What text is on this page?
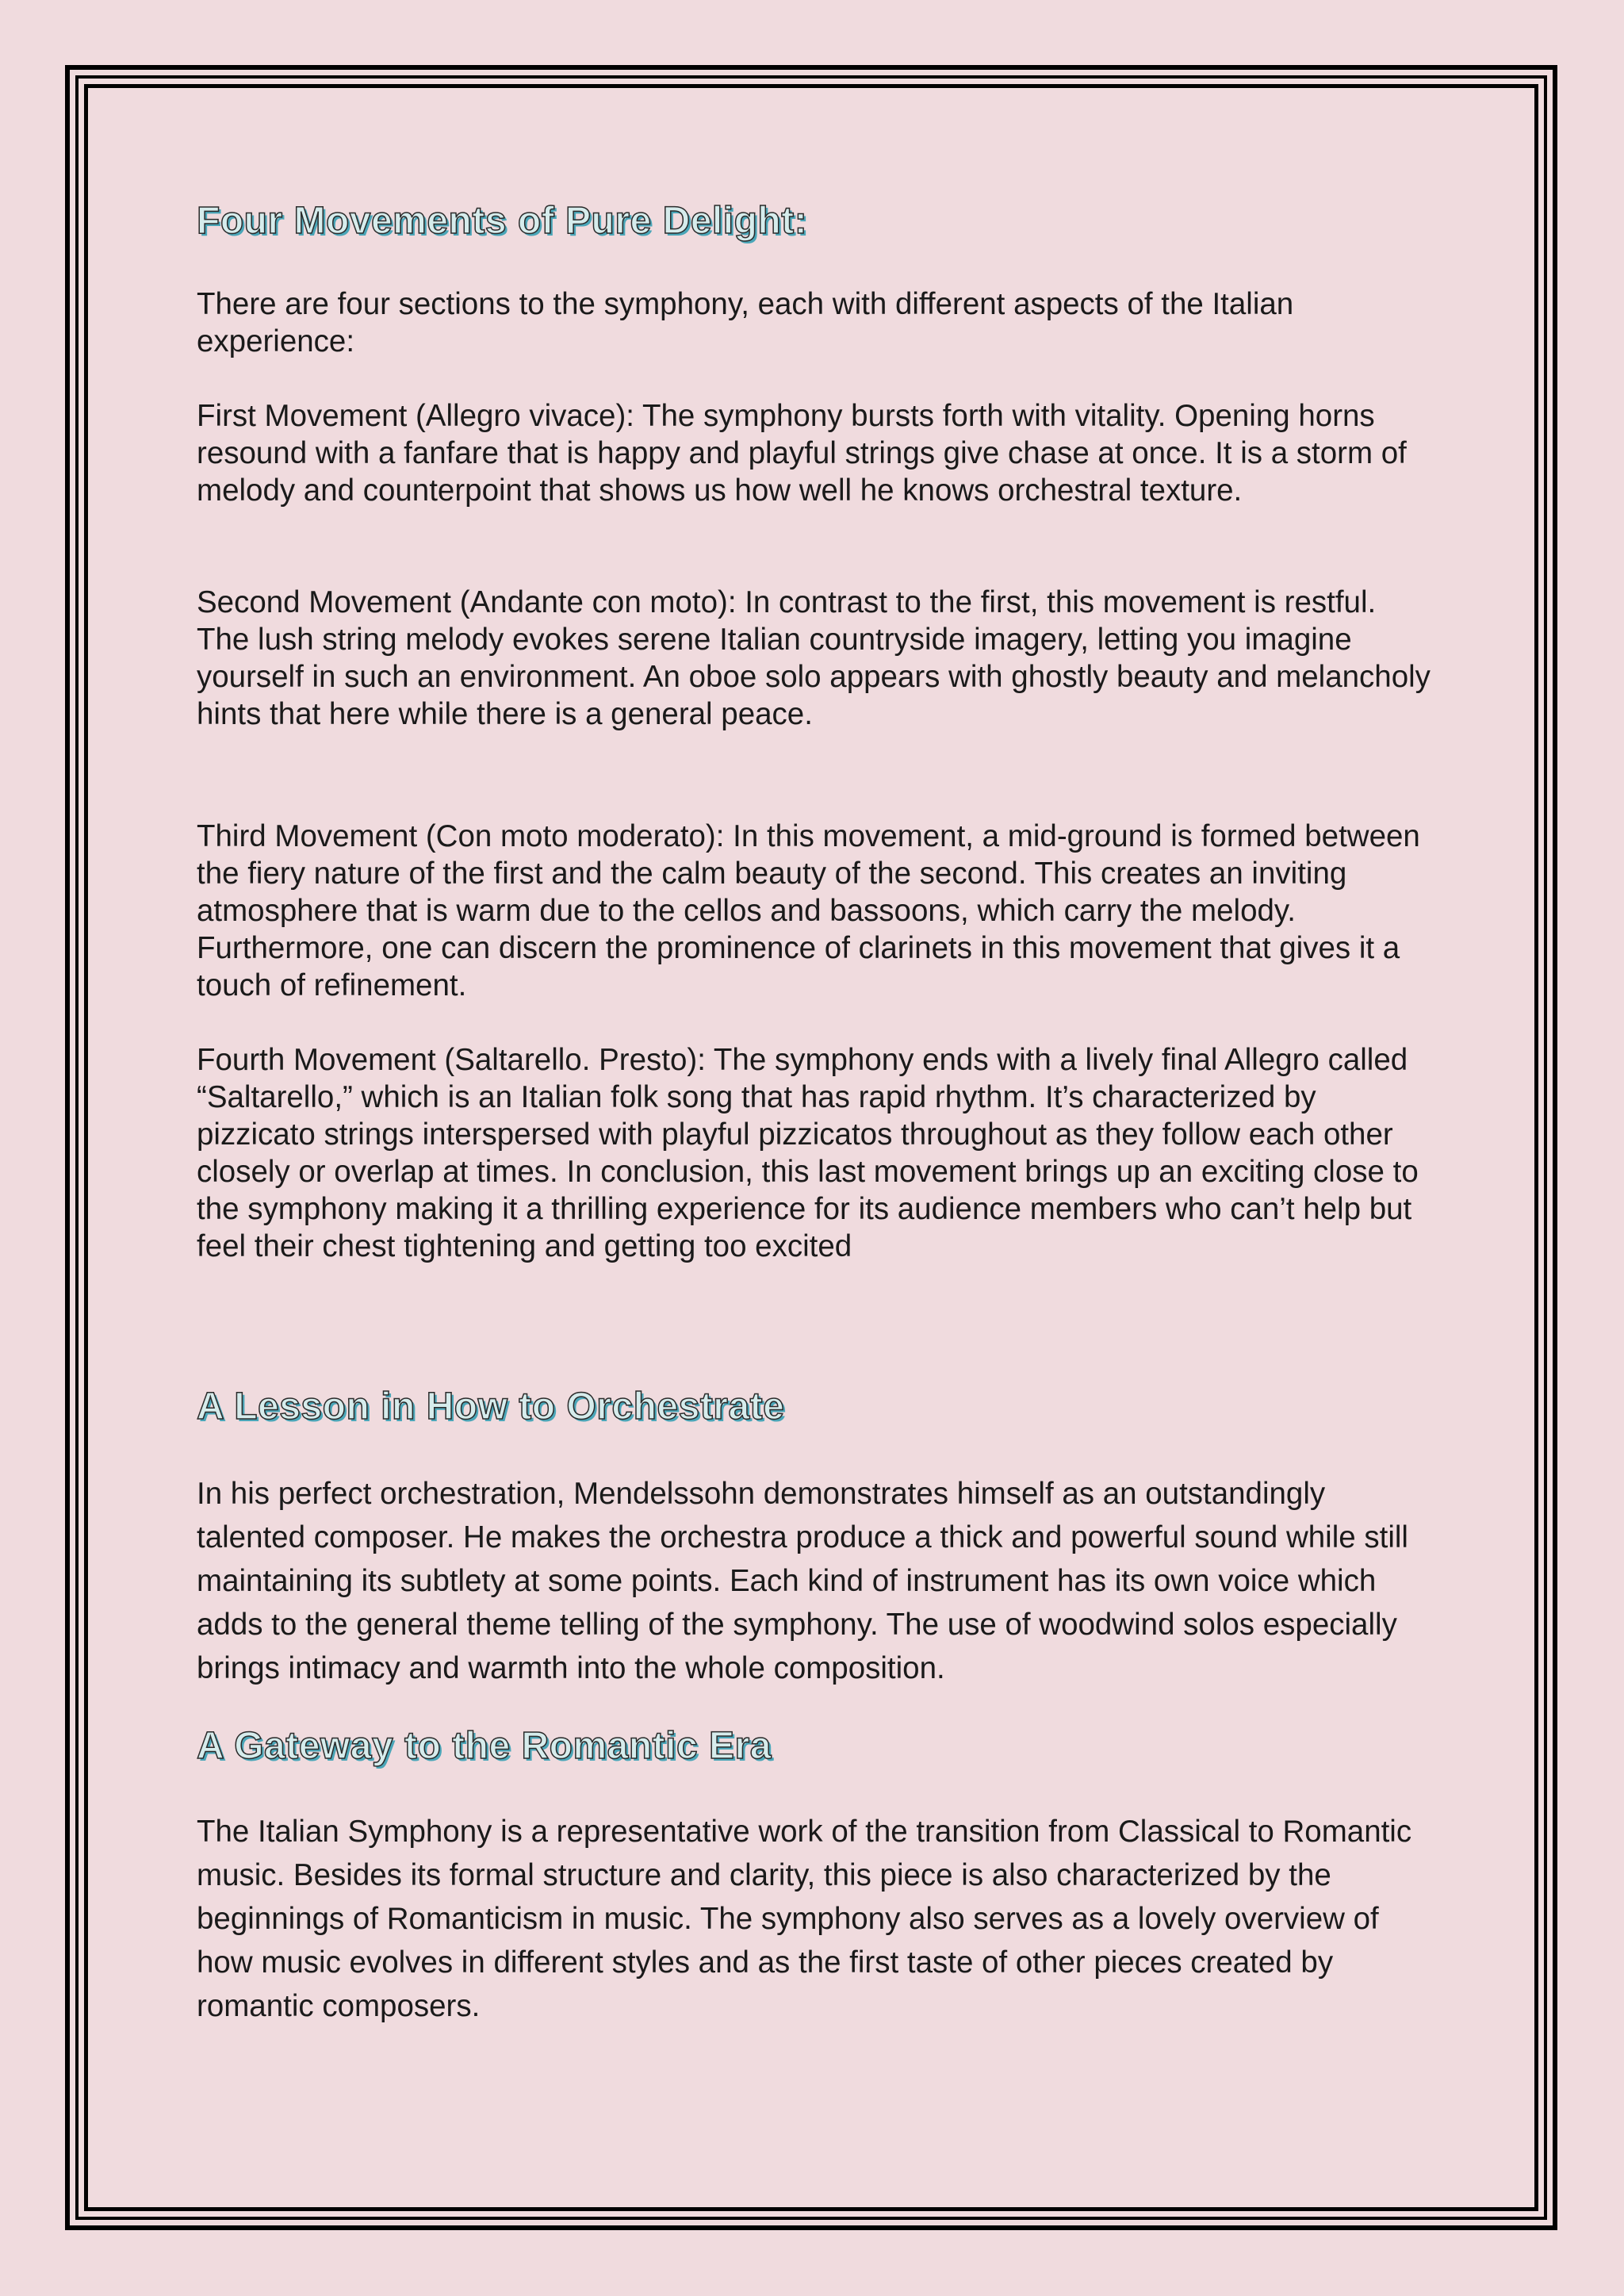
Four Movements of Pure Delight:

There are four sections to the symphony, each with different aspects of the Italian experience:

First Movement (Allegro vivace): The symphony bursts forth with vitality. Opening horns resound with a fanfare that is happy and playful strings give chase at once. It is a storm of melody and counterpoint that shows us how well he knows orchestral texture.

Second Movement (Andante con moto): In contrast to the first, this movement is restful. The lush string melody evokes serene Italian countryside imagery, letting you imagine yourself in such an environment. An oboe solo appears with ghostly beauty and melancholy hints that here while there is a general peace.

Third Movement (Con moto moderato): In this movement, a mid-ground is formed between the fiery nature of the first and the calm beauty of the second. This creates an inviting atmosphere that is warm due to the cellos and bassoons, which carry the melody. Furthermore, one can discern the prominence of clarinets in this movement that gives it a touch of refinement.

Fourth Movement (Saltarello. Presto): The symphony ends with a lively final Allegro called “Saltarello,” which is an Italian folk song that has rapid rhythm. It’s characterized by pizzicato strings interspersed with playful pizzicatos throughout as they follow each other closely or overlap at times. In conclusion, this last movement brings up an exciting close to the symphony making it a thrilling experience for its audience members who can’t help but feel their chest tightening and getting too excited

A Lesson in How to Orchestrate

In his perfect orchestration, Mendelssohn demonstrates himself as an outstandingly talented composer. He makes the orchestra produce a thick and powerful sound while still maintaining its subtlety at some points. Each kind of instrument has its own voice which adds to the general theme telling of the symphony. The use of woodwind solos especially brings intimacy and warmth into the whole composition.

A Gateway to the Romantic Era

The Italian Symphony is a representative work of the transition from Classical to Romantic music. Besides its formal structure and clarity, this piece is also characterized by the beginnings of Romanticism in music. The symphony also serves as a lovely overview of how music evolves in different styles and as the first taste of other pieces created by romantic composers.
